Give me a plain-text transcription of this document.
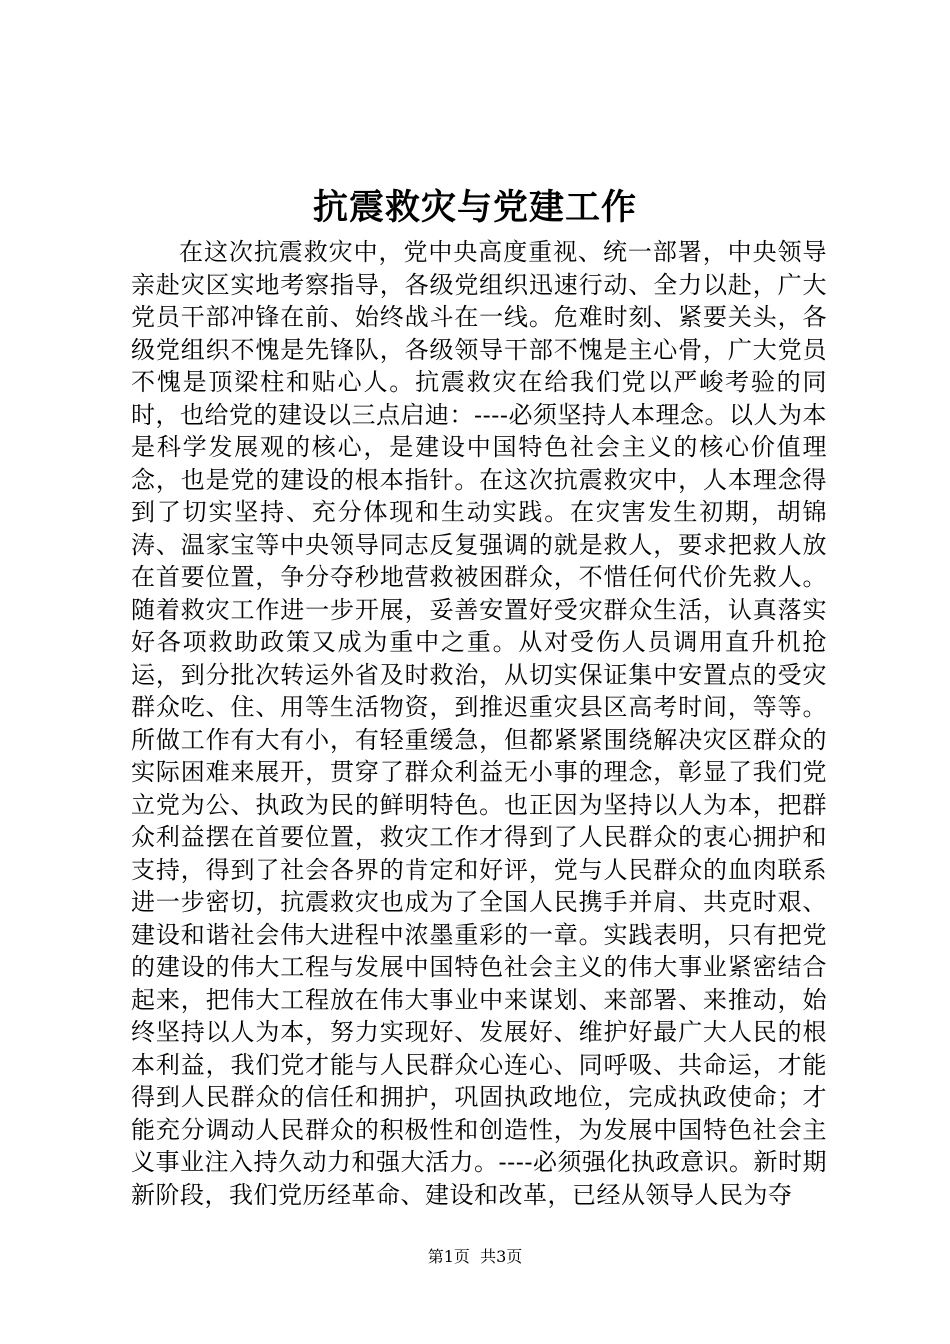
抗震救灾与党建工作

在这次抗震救灾中，党中央高度重视、统一部署，中央领导亲赴灾区实地考察指导，各级党组织迅速行动、全力以赴，广大党员干部冲锋在前、始终战斗在一线。危难时刻、紧要关头，各级党组织不愧是先锋队，各级领导干部不愧是主心骨，广大党员不愧是顶梁柱和贴心人。抗震救灾在给我们党以严峻考验的同时，也给党的建设以三点启迪：----必须坚持人本理念。以人为本是科学发展观的核心，是建设中国特色社会主义的核心价值理念，也是党的建设的根本指针。在这次抗震救灾中，人本理念得到了切实坚持、充分体现和生动实践。在灾害发生初期，胡锦涛、温家宝等中央领导同志反复强调的就是救人，要求把救人放在首要位置，争分夺秒地营救被困群众，不惜任何代价先救人。随着救灾工作进一步开展，妥善安置好受灾群众生活，认真落实好各项救助政策又成为重中之重。从对受伤人员调用直升机抢运，到分批次转运外省及时救治，从切实保证集中安置点的受灾群众吃、住、用等生活物资，到推迟重灾县区高考时间，等等。所做工作有大有小，有轻重缓急，但都紧紧围绕解决灾区群众的实际困难来展开，贯穿了群众利益无小事的理念，彰显了我们党立党为公、执政为民的鲜明特色。也正因为坚持以人为本，把群众利益摆在首要位置，救灾工作才得到了人民群众的衷心拥护和支持，得到了社会各界的肯定和好评，党与人民群众的血肉联系进一步密切，抗震救灾也成为了全国人民携手并肩、共克时艰、建设和谐社会伟大进程中浓墨重彩的一章。实践表明，只有把党的建设的伟大工程与发展中国特色社会主义的伟大事业紧密结合起来，把伟大工程放在伟大事业中来谋划、来部署、来推动，始终坚持以人为本，努力实现好、发展好、维护好最广大人民的根本利益，我们党才能与人民群众心连心、同呼吸、共命运，才能得到人民群众的信任和拥护，巩固执政地位，完成执政使命；才能充分调动人民群众的积极性和创造性，为发展中国特色社会主义事业注入持久动力和强大活力。----必须强化执政意识。新时期新阶段，我们党历经革命、建设和改革，已经从领导人民为夺

第1页  共3页
